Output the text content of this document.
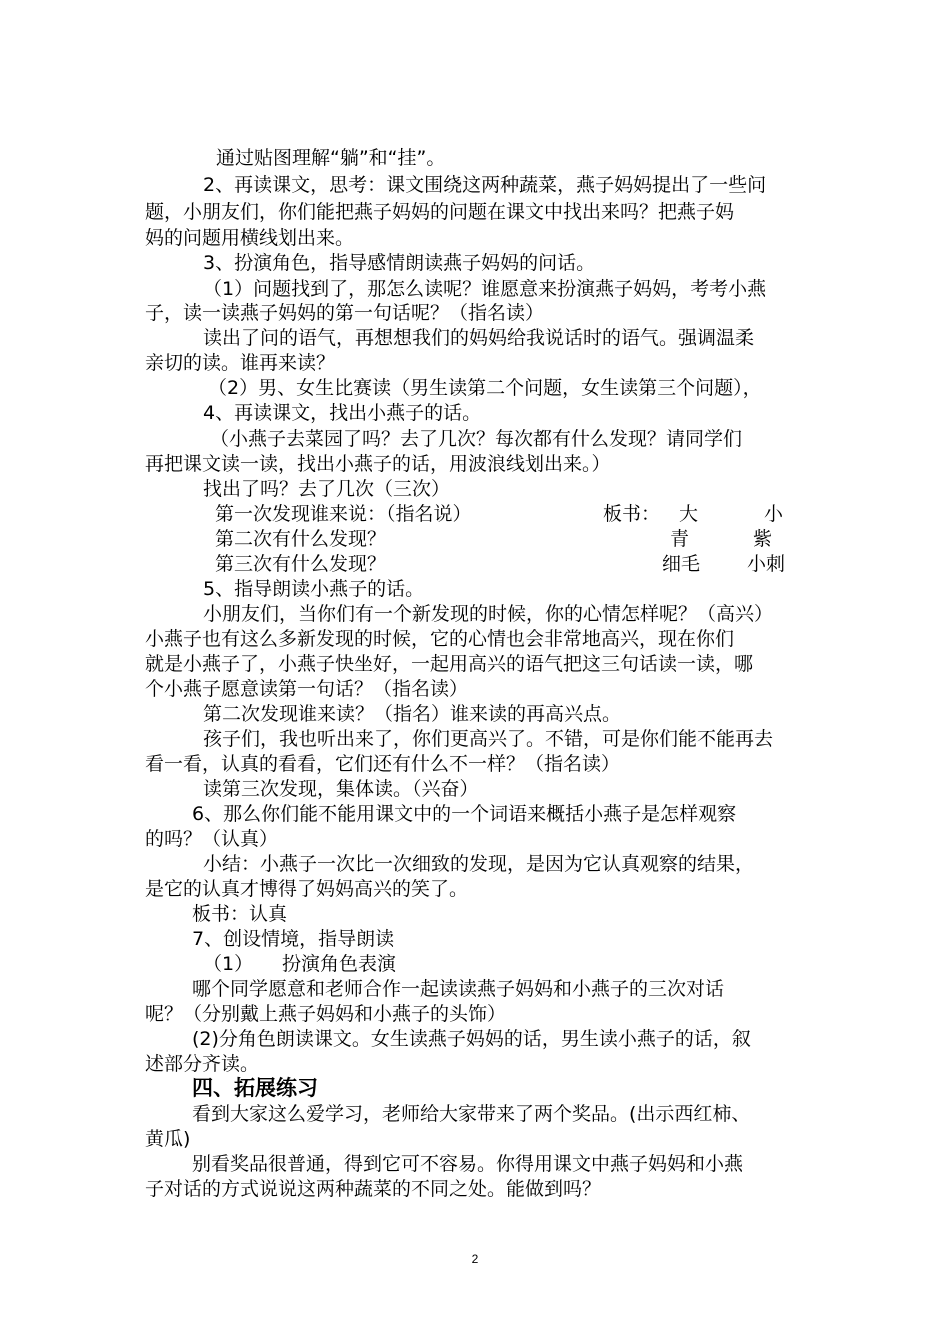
通过贴图理解“躺”和“挂”。
2、再读课文，思考：课文围绕这两种蔬菜，燕子妈妈提出了一些问
题，小朋友们，你们能把燕子妈妈的问题在课文中找出来吗？把燕子妈
妈的问题用横线划出来。
3、扮演角色，指导感情朗读燕子妈妈的问话。
（1）问题找到了，那怎么读呢？谁愿意来扮演燕子妈妈，考考小燕
子，读一读燕子妈妈的第一句话呢？（指名读）
读出了问的语气，再想想我们的妈妈给我说话时的语气。强调温柔
亲切的读。谁再来读？
（2）男、女生比赛读（男生读第二个问题，女生读第三个问题），
4、再读课文，找出小燕子的话。
（小燕子去菜园了吗？去了几次？每次都有什么发现？请同学们
再把课文读一读，找出小燕子的话，用波浪线划出来。）
找出了吗？去了几次（三次）
第一次发现谁来说：（指名说）	板书： 大	小
第二次有什么发现？	青	紫
第三次有什么发现？	细毛 小刺
5、指导朗读小燕子的话。
小朋友们，当你们有一个新发现的时候，你的心情怎样呢？（高兴）
小燕子也有这么多新发现的时候，它的心情也会非常地高兴，现在你们
就是小燕子了，小燕子快坐好，一起用高兴的语气把这三句话读一读，哪
个小燕子愿意读第一句话？（指名读）
第二次发现谁来读？（指名）谁来读的再高兴点。
孩子们，我也听出来了，你们更高兴了。不错，可是你们能不能再去
看一看，认真的看看，它们还有什么不一样？（指名读）
读第三次发现，集体读。（兴奋）
6、那么你们能不能用课文中的一个词语来概括小燕子是怎样观察
的吗？（认真）
小结：小燕子一次比一次细致的发现，是因为它认真观察的结果，
是它的认真才博得了妈妈高兴的笑了。
板书：认真
7、创设情境，指导朗读
（1） 扮演角色表演
哪个同学愿意和老师合作一起读读燕子妈妈和小燕子的三次对话
呢？（分别戴上燕子妈妈和小燕子的头饰）
(2)分角色朗读课文。女生读燕子妈妈的话，男生读小燕子的话，叙
述部分齐读。
四、拓展练习
看到大家这么爱学习，老师给大家带来了两个奖品。(出示西红柿、
黄瓜)
别看奖品很普通，得到它可不容易。你得用课文中燕子妈妈和小燕
子对话的方式说说这两种蔬菜的不同之处。能做到吗？
2
